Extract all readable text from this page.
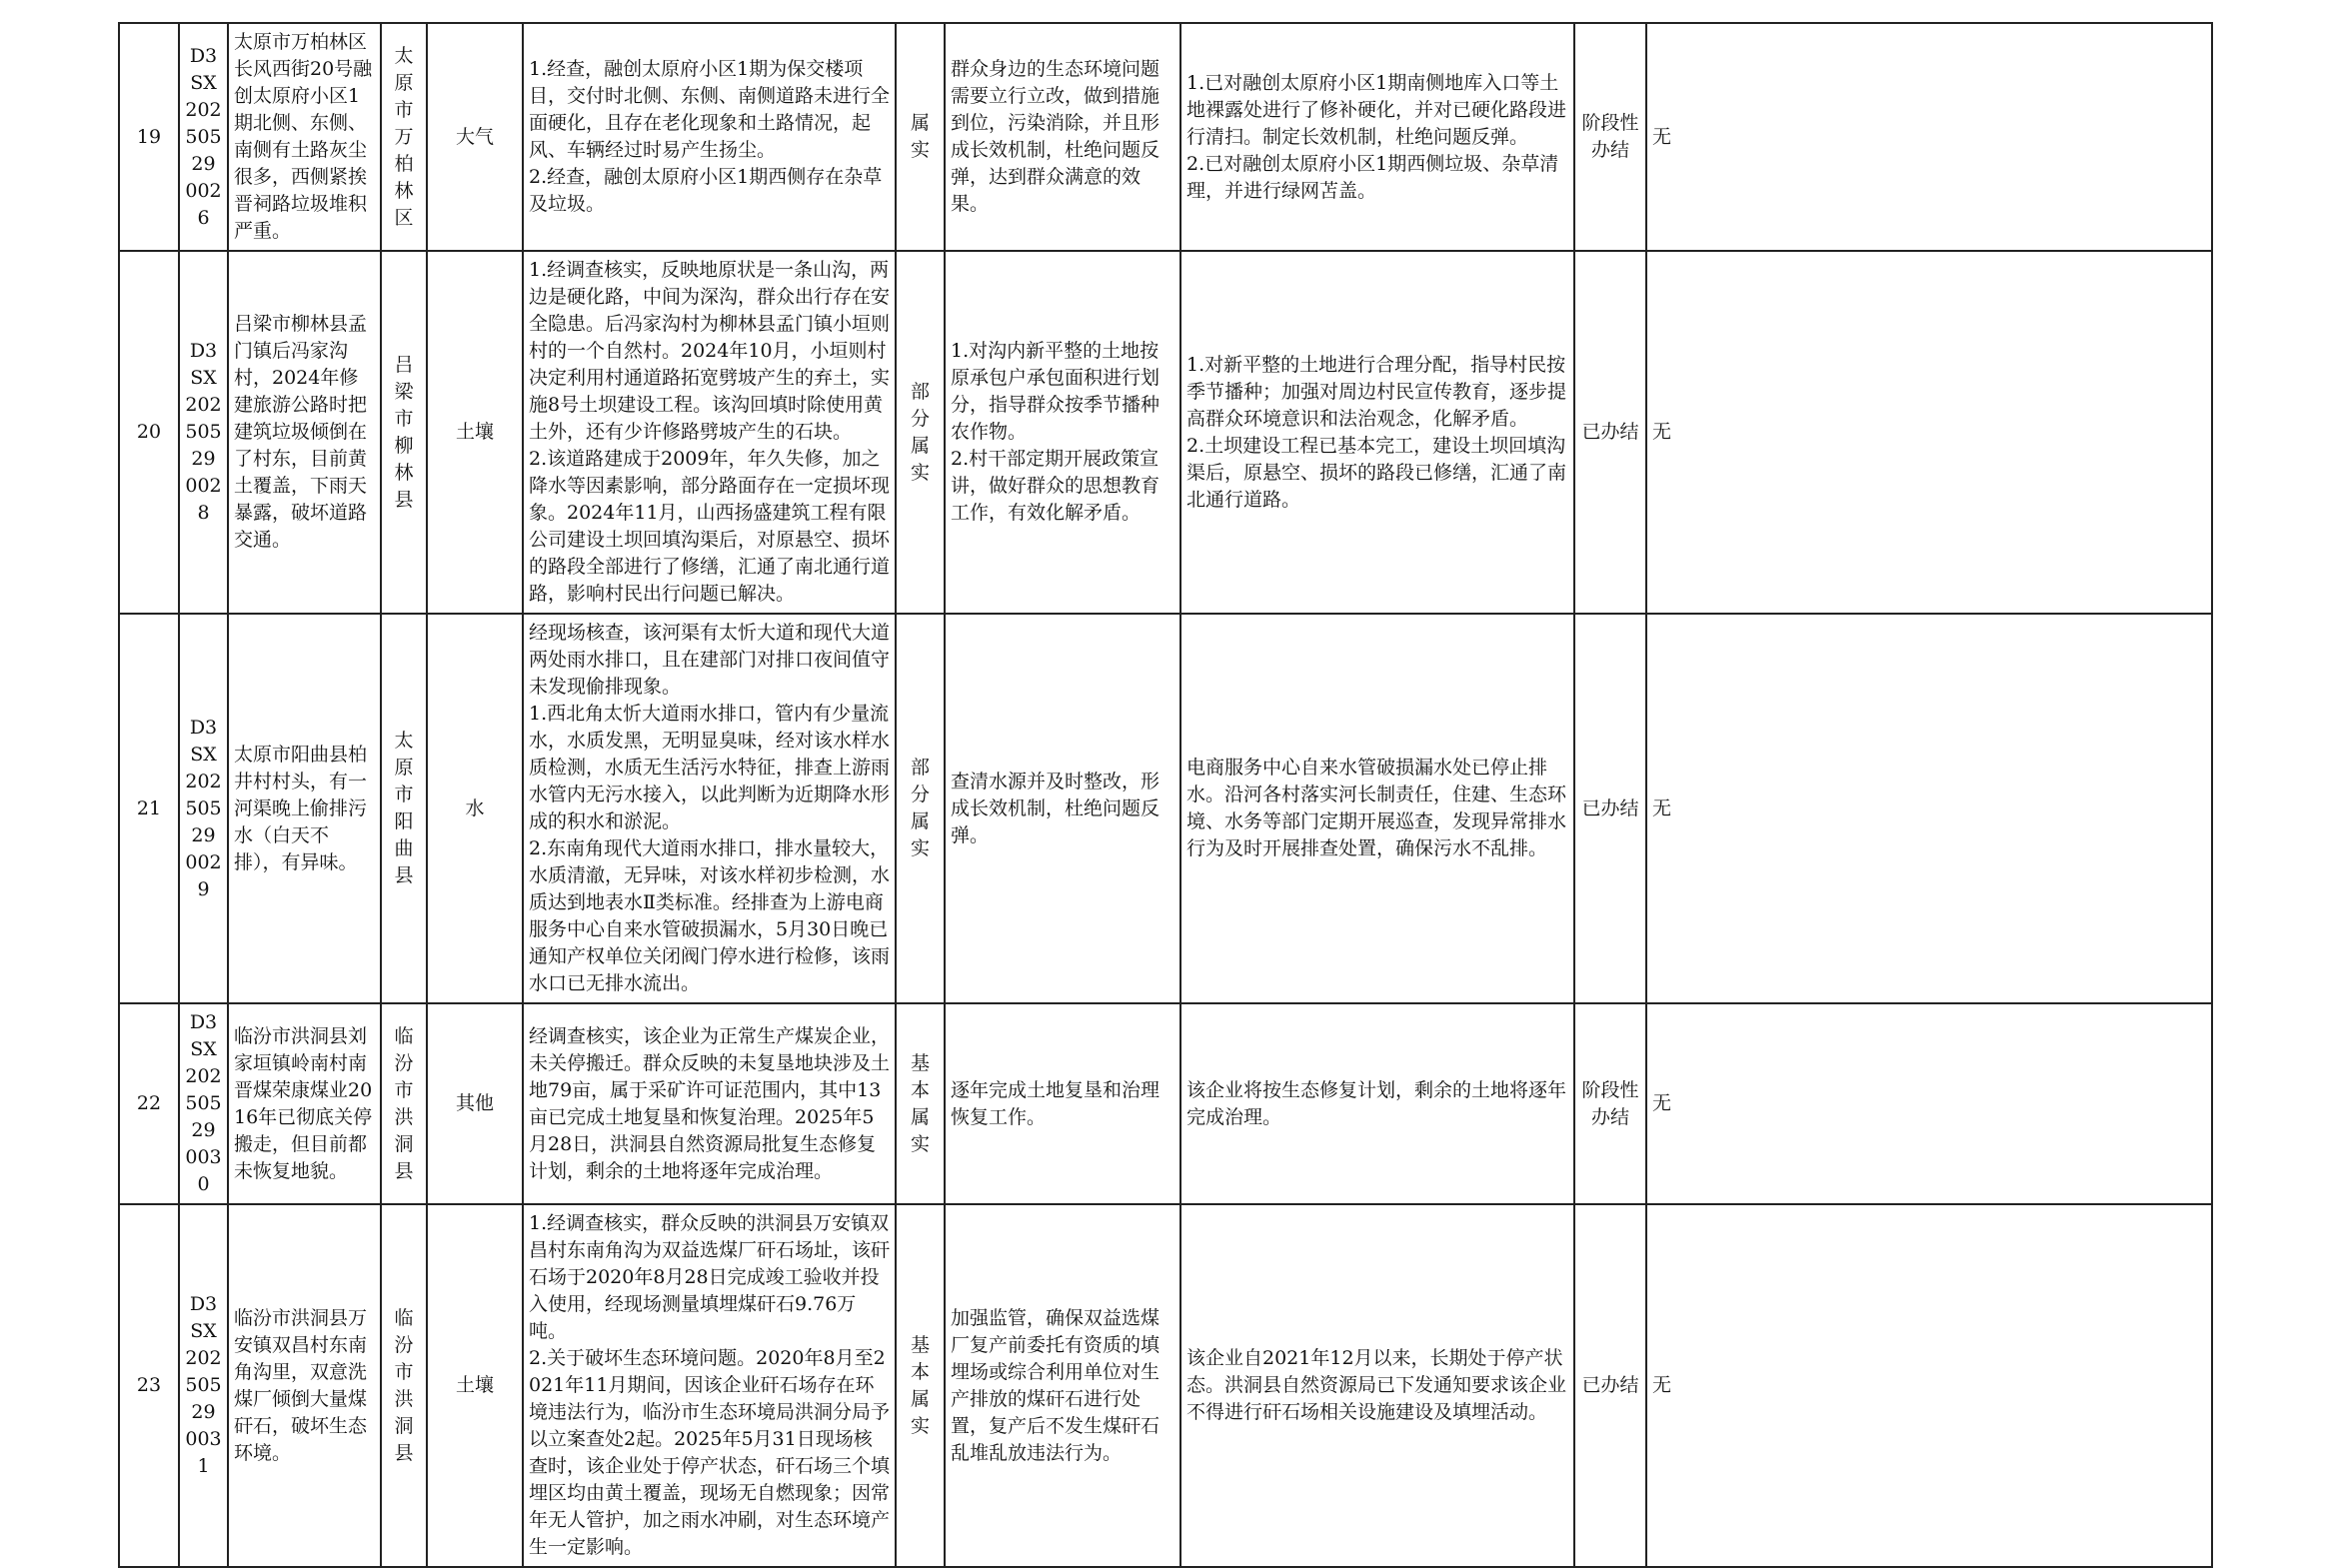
19	D3SX20250529 0026	太原市万柏林区长风西街20号融创太原府小区1期北侧、东侧、南侧有土路灰尘很多，西侧紧挨晋祠路垃圾堆积严重。	太原市万柏林区	大气	1.经查，融创太原府小区1期为保交楼项目，交付时北侧、东侧、南侧道路未进行全面硬化，且存在老化现象和土路情况，起风、车辆经过时易产生扬尘。
2.经查，融创太原府小区1期西侧存在杂草及垃圾。	属实	群众身边的生态环境问题需要立行立改，做到措施到位，污染消除，并且形成长效机制，杜绝问题反弹，达到群众满意的效果。	1.已对融创太原府小区1期南侧地库入口等土地裸露处进行了修补硬化，并对已硬化路段进行清扫。制定长效机制，杜绝问题反弹。
2.已对融创太原府小区1期西侧垃圾、杂草清理，并进行绿网苫盖。	阶段性办结	无
20	D3SX20250529 0028	吕梁市柳林县孟门镇后冯家沟村，2024年修建旅游公路时把建筑垃圾倾倒在了村东，目前黄土覆盖，下雨天暴露，破坏道路交通。	吕梁市柳林县	土壤	1.经调查核实，反映地原状是一条山沟，两边是硬化路，中间为深沟，群众出行存在安全隐患。后冯家沟村为柳林县孟门镇小垣则村的一个自然村。2024年10月，小垣则村决定利用村通道路拓宽劈坡产生的弃土，实施8号土坝建设工程。该沟回填时除使用黄土外，还有少许修路劈坡产生的石块。
2.该道路建成于2009年，年久失修，加之降水等因素影响，部分路面存在一定损坏现象。2024年11月，山西扬盛建筑工程有限公司建设土坝回填沟渠后，对原悬空、损坏的路段全部进行了修缮，汇通了南北通行道路，影响村民出行问题已解决。	部分属实	1.对沟内新平整的土地按原承包户承包面积进行划分，指导群众按季节播种农作物。
2.村干部定期开展政策宣讲，做好群众的思想教育工作，有效化解矛盾。	1.对新平整的土地进行合理分配，指导村民按季节播种；加强对周边村民宣传教育，逐步提高群众环境意识和法治观念，化解矛盾。
2.土坝建设工程已基本完工，建设土坝回填沟渠后，原悬空、损坏的路段已修缮，汇通了南北通行道路。	已办结	无
21	D3SX20250529 0029	太原市阳曲县柏井村村头，有一河渠晚上偷排污水（白天不排），有异味。	太原市阳曲县	水	经现场核查，该河渠有太忻大道和现代大道两处雨水排口，且在建部门对排口夜间值守未发现偷排现象。
1.西北角太忻大道雨水排口，管内有少量流水，水质发黑，无明显臭味，经对该水样水质检测，水质无生活污水特征，排查上游雨水管内无污水接入，以此判断为近期降水形成的积水和淤泥。
2.东南角现代大道雨水排口，排水量较大，水质清澈，无异味，对该水样初步检测，水质达到地表水Ⅱ类标准。经排查为上游电商服务中心自来水管破损漏水，5月30日晚已通知产权单位关闭阀门停水进行检修，该雨水口已无排水流出。	部分属实	查清水源并及时整改，形成长效机制，杜绝问题反弹。	电商服务中心自来水管破损漏水处已停止排水。沿河各村落实河长制责任，住建、生态环境、水务等部门定期开展巡查，发现异常排水行为及时开展排查处置，确保污水不乱排。	已办结	无
22	D3SX20250529 0030	临汾市洪洞县刘家垣镇岭南村南晋煤荣康煤业2016年已彻底关停搬走，但目前都未恢复地貌。	临汾市洪洞县	其他	经调查核实，该企业为正常生产煤炭企业，未关停搬迁。群众反映的未复垦地块涉及土地79亩，属于采矿许可证范围内，其中13亩已完成土地复垦和恢复治理。2025年5月28日，洪洞县自然资源局批复生态修复计划，剩余的土地将逐年完成治理。	基本属实	逐年完成土地复垦和治理恢复工作。	该企业将按生态修复计划，剩余的土地将逐年完成治理。	阶段性办结	无
23	D3SX20250529 0031	临汾市洪洞县万安镇双昌村东南角沟里，双意洗煤厂倾倒大量煤矸石，破坏生态环境。	临汾市洪洞县	土壤	1.经调查核实，群众反映的洪洞县万安镇双昌村东南角沟为双益选煤厂矸石场址，该矸石场于2020年8月28日完成竣工验收并投入使用，经现场测量填埋煤矸石9.76万吨。
2.关于破坏生态环境问题。2020年8月至2021年11月期间，因该企业矸石场存在环境违法行为，临汾市生态环境局洪洞分局予以立案查处2起。2025年5月31日现场核查时，该企业处于停产状态，矸石场三个填埋区均由黄土覆盖，现场无自燃现象；因常年无人管护，加之雨水冲刷，对生态环境产生一定影响。	基本属实	加强监管，确保双益选煤厂复产前委托有资质的填埋场或综合利用单位对生产排放的煤矸石进行处置，复产后不发生煤矸石乱堆乱放违法行为。	该企业自2021年12月以来，长期处于停产状态。洪洞县自然资源局已下发通知要求该企业不得进行矸石场相关设施建设及填埋活动。	已办结	无
